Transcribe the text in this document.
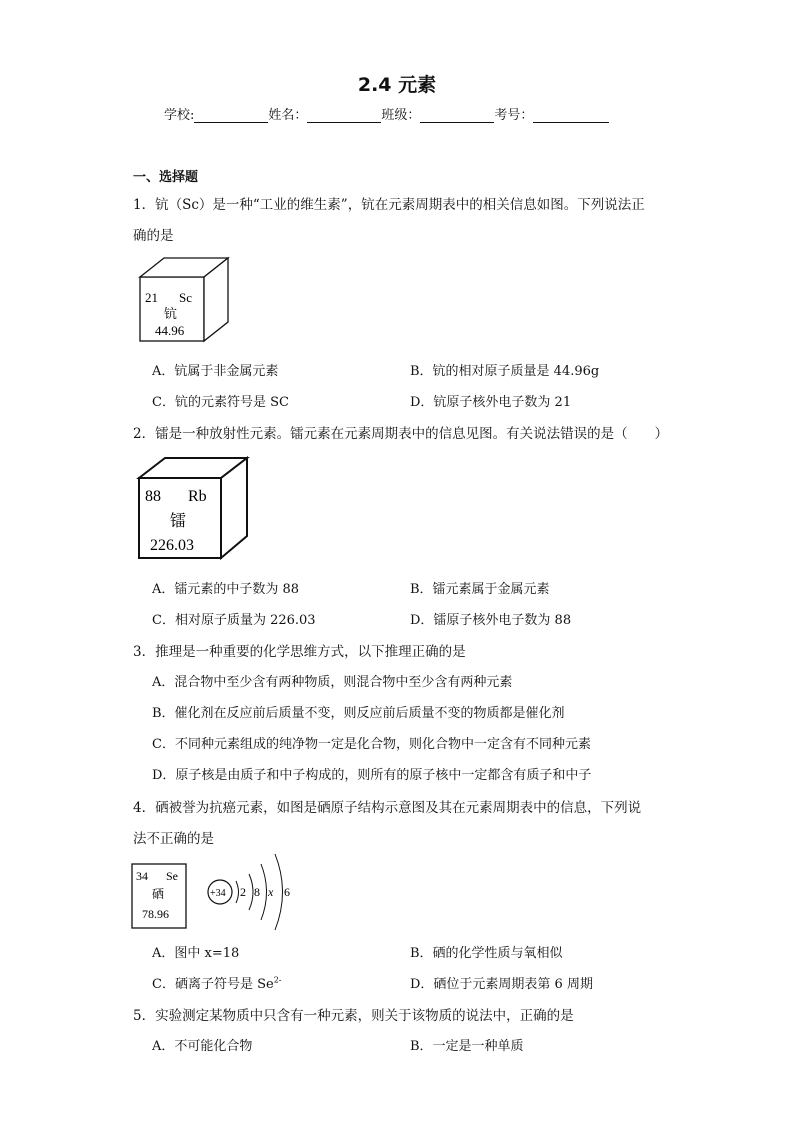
2.4 元素
学校:	姓名：	班级：	考号：
一、选择题
1．钪（Sc）是一种“工业的维生素”，钪在元素周期表中的相关信息如图。下列说法正
确的是
21 Sc
钪
44.96
A．钪属于非金属元素	B．钪的相对原子质量是 44.96g
C．钪的元素符号是 SC	D．钪原子核外电子数为 21
2．镭是一种放射性元素。镭元素在元素周期表中的信息见图。有关说法错误的是（　　）
88 Rb
镭
226.03
A．镭元素的中子数为 88	B．镭元素属于金属元素
C．相对原子质量为 226.03	D．镭原子核外电子数为 88
3．推理是一种重要的化学思维方式，以下推理正确的是
A．混合物中至少含有两种物质，则混合物中至少含有两种元素
B．催化剂在反应前后质量不变，则反应前后质量不变的物质都是催化剂
C．不同种元素组成的纯净物一定是化合物，则化合物中一定含有不同种元素
D．原子核是由质子和中子构成的，则所有的原子核中一定都含有质子和中子
4．硒被誉为抗癌元素，如图是硒原子结构示意图及其在元素周期表中的信息，下列说
法不正确的是
34 Se
硒
78.96
+34 2 8 x 6
A．图中 x=18	B．硒的化学性质与氧相似
C．硒离子符号是 $Se^{2-}$	D．硒位于元素周期表第 6 周期
5．实验测定某物质中只含有一种元素，则关于该物质的说法中，正确的是
A．不可能化合物	B．一定是一种单质
